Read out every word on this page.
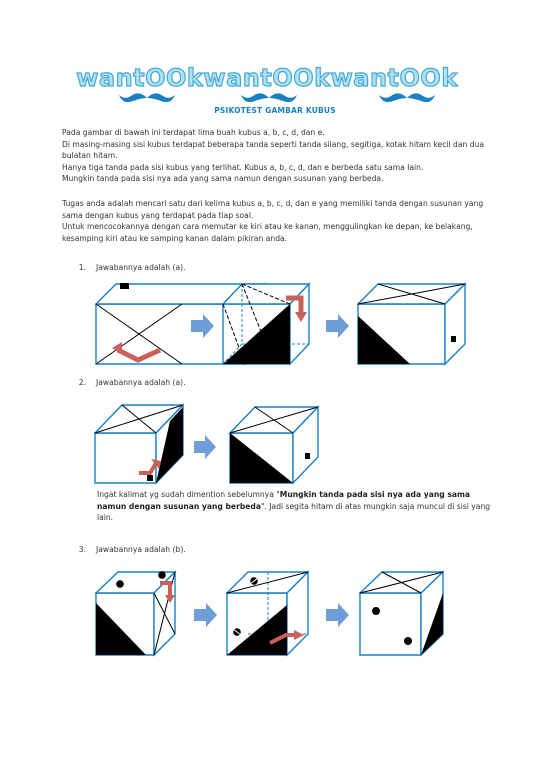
wantOOkwantOOkwantOOk
PSIKOTEST GAMBAR KUBUS

Pada gambar di bawah ini terdapat lima buah kubus a, b, c, d, dan e.

Di masing-masing sisi kubus terdapat beberapa tanda seperti tanda silang, segitiga, kotak hitam kecil dan dua bulatan hitam.

Hanya tiga tanda pada sisi kubus yang terlihat. Kubus a, b, c, d, dan e berbeda satu sama lain.

Mungkin tanda pada sisi nya ada yang sama namun dengan susunan yang berbeda.

Tugas anda adalah mencari satu dari kelima kubus a, b, c, d, dan e yang memiliki tanda dengan susunan yang sama dengan kubus yang terdapat pada tiap soal.

Untuk mencocokannya dengan cara memutar ke kiri atau ke kanan, menggulingkan ke depan, ke belakang, kesamping kiri atau ke samping kanan dalam pikiran anda.

1. Jawabannya adalah (a).
2. Jawabannya adalah (a).
Ingat kalimat yg sudah dimention sebelumnya "Mungkin tanda pada sisi nya ada yang sama namun dengan susunan yang berbeda". Jadi segita hitam di atas mungkin saja muncul di sisi yang lain.
3. Jawabannya adalah (b).
